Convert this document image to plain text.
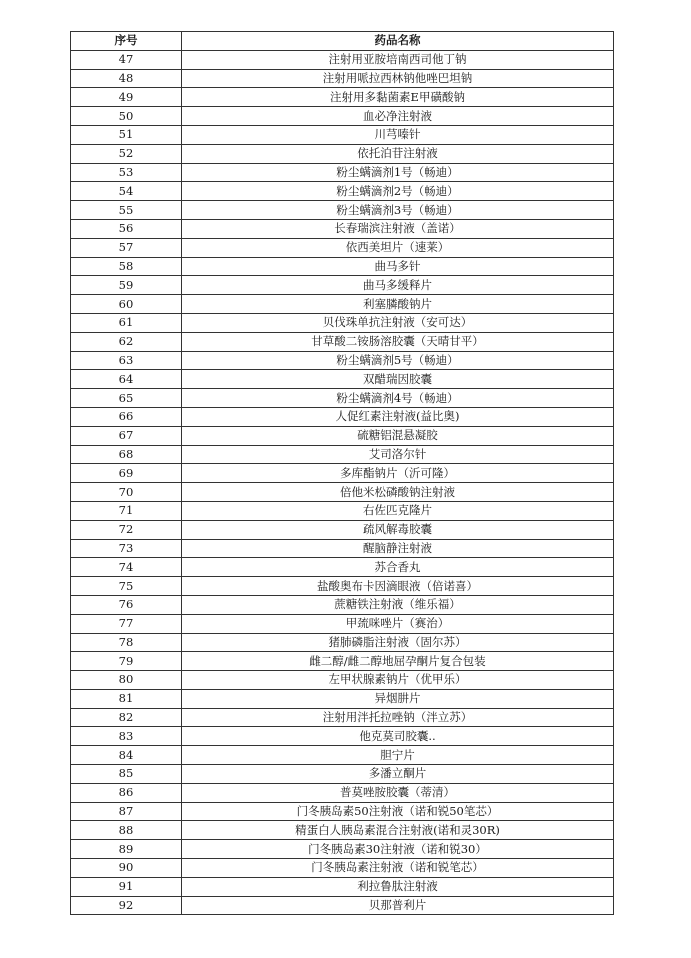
序号	药品名称
47	注射用亚胺培南西司他丁钠
48	注射用哌拉西林钠他唑巴坦钠
49	注射用多黏菌素E甲磺酸钠
50	血必净注射液
51	川芎嗪针
52	依托泊苷注射液
53	粉尘螨滴剂1号（畅迪）
54	粉尘螨滴剂2号（畅迪）
55	粉尘螨滴剂3号（畅迪）
56	长春瑞滨注射液（盖诺）
57	依西美坦片（速莱）
58	曲马多针
59	曲马多缓释片
60	利塞膦酸钠片
61	贝伐珠单抗注射液（安可达）
62	甘草酸二铵肠溶胶囊（天晴甘平）
63	粉尘螨滴剂5号（畅迪）
64	双醋瑞因胶囊
65	粉尘螨滴剂4号（畅迪）
66	人促红素注射液(益比奥)
67	硫糖铝混悬凝胶
68	艾司洛尔针
69	多库酯钠片（沂可隆）
70	倍他米松磷酸钠注射液
71	右佐匹克隆片
72	疏风解毒胶囊
73	醒脑静注射液
74	苏合香丸
75	盐酸奥布卡因滴眼液（倍诺喜）
76	蔗糖铁注射液（维乐福）
77	甲巯咪唑片（赛治）
78	猪肺磷脂注射液（固尔苏）
79	雌二醇/雌二醇地屈孕酮片复合包装
80	左甲状腺素钠片（优甲乐）
81	异烟肼片
82	注射用泮托拉唑钠（泮立苏）
83	他克莫司胶囊..
84	胆宁片
85	多潘立酮片
86	普莫唑胺胶囊（蒂清）
87	门冬胰岛素50注射液（诺和锐50笔芯）
88	精蛋白人胰岛素混合注射液(诺和灵30R)
89	门冬胰岛素30注射液（诺和锐30）
90	门冬胰岛素注射液（诺和锐笔芯）
91	利拉鲁肽注射液
92	贝那普利片
